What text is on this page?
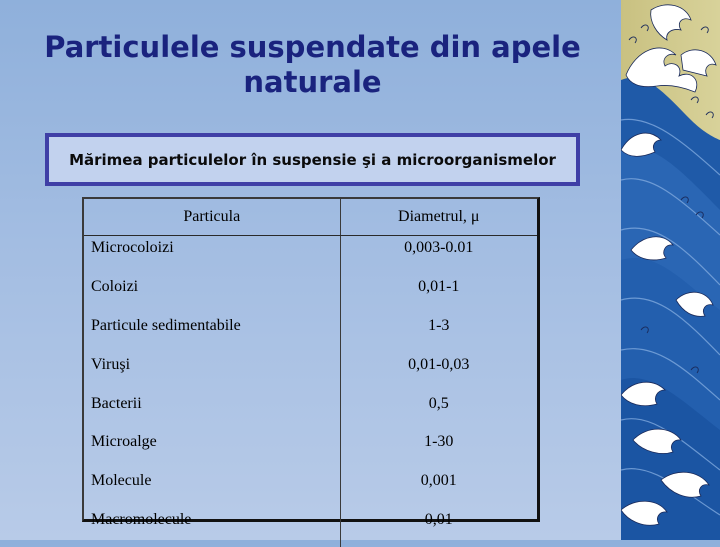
Particulele suspendate din apele naturale
Mărimea particulelor în suspensie şi a microorganismelor
Particula	Diametrul, μ
Microcoloizi	0,003-0.01
Coloizi	0,01-1
Particule sedimentabile	1-3
Viruşi	0,01-0,03
Bacterii	0,5
Microalge	1-30
Molecule	0,001
Macromolecule	0,01
